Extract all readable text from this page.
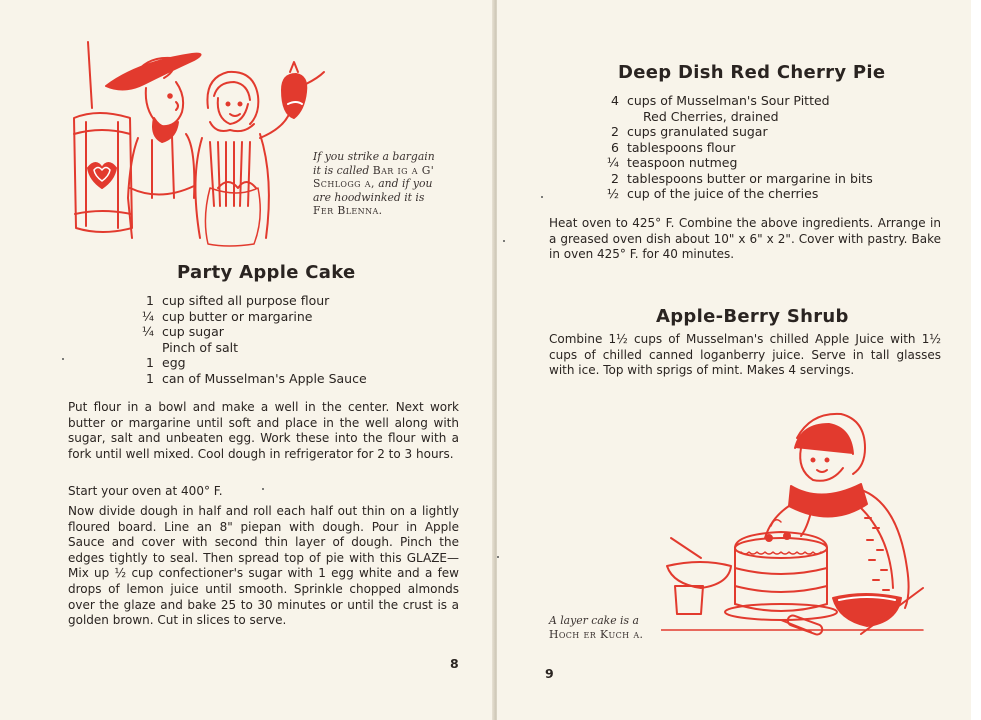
If you strike a bargain
it is called Bar ig a G'
Schlogg a, and if you
are hoodwinked it is
Fer Blenna.
Party Apple Cake
1 cup sifted all purpose flour
¼ cup butter or margarine
¼ cup sugar
Pinch of salt
1 egg
1 can of Musselman's Apple Sauce

Put flour in a bowl and make a well in the center. Next work butter or margarine until soft and place in the well along with sugar, salt and unbeaten egg. Work these into the flour with a fork until well mixed. Cool dough in refrigerator for 2 to 3 hours.

Start your oven at 400° F.

Now divide dough in half and roll each half out thin on a lightly floured board. Line an 8" piepan with dough. Pour in Apple Sauce and cover with second thin layer of dough. Pinch the edges tightly to seal. Then spread top of pie with this GLAZE—Mix up ½ cup confectioner's sugar with 1 egg white and a few drops of lemon juice until smooth. Sprinkle chopped almonds over the glaze and bake 25 to 30 minutes or until the crust is a golden brown. Cut in slices to serve.

8
Deep Dish Red Cherry Pie
4 cups of Musselman's Sour Pitted
Red Cherries, drained
2 cups granulated sugar
6 tablespoons flour
¼ teaspoon nutmeg
2 tablespoons butter or margarine in bits
½ cup of the juice of the cherries

Heat oven to 425° F. Combine the above ingredients. Arrange in a greased oven dish about 10" x 6" x 2". Cover with pastry. Bake in oven 425° F. for 40 minutes.

Apple-Berry Shrub

Combine 1½ cups of Musselman's chilled Apple Juice with 1½ cups of chilled canned loganberry juice. Serve in tall glasses with ice. Top with sprigs of mint. Makes 4 servings.

A layer cake is a
Hoch er Kuch a.
9
